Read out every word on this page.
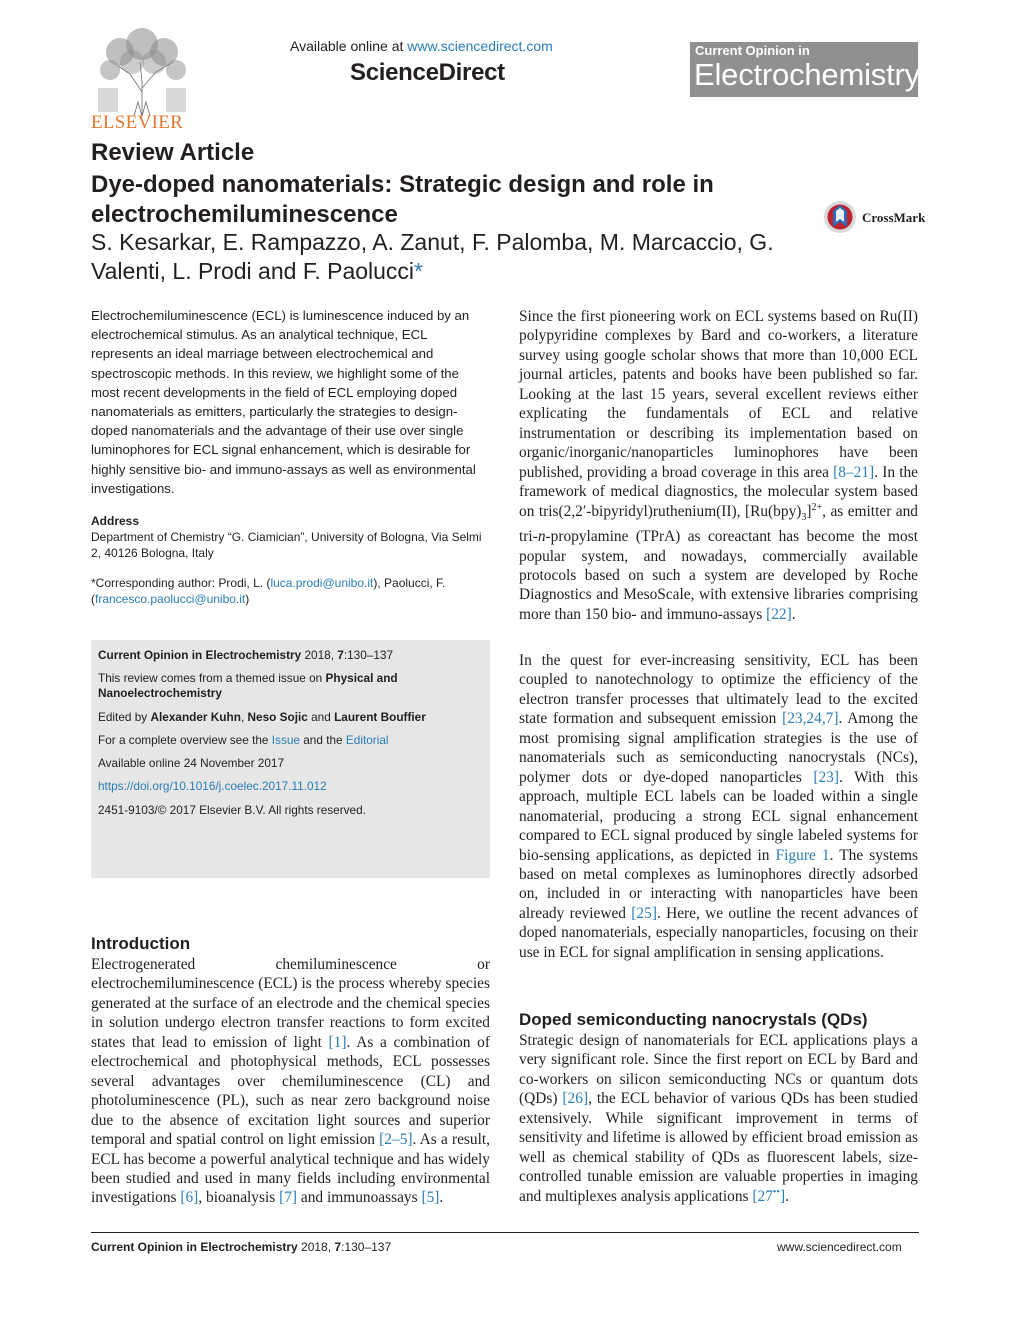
ELSEVIER
Available online at www.sciencedirect.com
ScienceDirect
Current Opinion in
Electrochemistry
Review Article
Dye-doped nanomaterials: Strategic design and role in electrochemiluminescence	CrossMark
S. Kesarkar, E. Rampazzo, A. Zanut, F. Palomba, M. Marcaccio, G. Valenti, L. Prodi and F. Paolucci*
Electrochemiluminescence (ECL) is luminescence induced by an electrochemical stimulus. As an analytical technique, ECL represents an ideal marriage between electrochemical and spectroscopic methods. In this review, we highlight some of the most recent developments in the field of ECL employing doped nanomaterials as emitters, particularly the strategies to design-doped nanomaterials and the advantage of their use over single luminophores for ECL signal enhancement, which is desirable for highly sensitive bio- and immuno-assays as well as environmental investigations.
Address
Department of Chemistry “G. Ciamician”, University of Bologna, Via Selmi 2, 40126 Bologna, Italy
*Corresponding author: Prodi, L. (luca.prodi@unibo.it), Paolucci, F. (francesco.paolucci@unibo.it)
Current Opinion in Electrochemistry 2018, 7:130–137
This review comes from a themed issue on Physical and Nanoelectrochemistry
Edited by Alexander Kuhn, Neso Sojic and Laurent Bouffier
For a complete overview see the Issue and the Editorial
Available online 24 November 2017
https://doi.org/10.1016/j.coelec.2017.11.012
2451-9103/© 2017 Elsevier B.V. All rights reserved.
Introduction
Electrogenerated chemiluminescence or electrochemiluminescence (ECL) is the process whereby species generated at the surface of an electrode and the chemical species in solution undergo electron transfer reactions to form excited states that lead to emission of light [1]. As a combination of electrochemical and photophysical methods, ECL possesses several advantages over chemiluminescence (CL) and photoluminescence (PL), such as near zero background noise due to the absence of excitation light sources and superior temporal and spatial control on light emission [2–5]. As a result, ECL has become a powerful analytical technique and has widely been studied and used in many fields including environmental investigations [6], bioanalysis [7] and immunoassays [5].
Since the first pioneering work on ECL systems based on Ru(II) polypyridine complexes by Bard and co-workers, a literature survey using google scholar shows that more than 10,000 ECL journal articles, patents and books have been published so far. Looking at the last 15 years, several excellent reviews either explicating the fundamentals of ECL and relative instrumentation or describing its implementation based on organic/inorganic/nanoparticles luminophores have been published, providing a broad coverage in this area [8–21]. In the framework of medical diagnostics, the molecular system based on tris(2,2′-bipyridyl)ruthenium(II), $[Ru(bpy)_3]^{2+}$, as emitter and tri-n-propylamine (TPrA) as coreactant has become the most popular system, and nowadays, commercially available protocols based on such a system are developed by Roche Diagnostics and MesoScale, with extensive libraries comprising more than 150 bio- and immuno-assays [22].
In the quest for ever-increasing sensitivity, ECL has been coupled to nanotechnology to optimize the efficiency of the electron transfer processes that ultimately lead to the excited state formation and subsequent emission [23,24,7]. Among the most promising signal amplification strategies is the use of nanomaterials such as semiconducting nanocrystals (NCs), polymer dots or dye-doped nanoparticles [23]. With this approach, multiple ECL labels can be loaded within a single nanomaterial, producing a strong ECL signal enhancement compared to ECL signal produced by single labeled systems for bio-sensing applications, as depicted in Figure 1. The systems based on metal complexes as luminophores directly adsorbed on, included in or interacting with nanoparticles have been already reviewed [25]. Here, we outline the recent advances of doped nanomaterials, especially nanoparticles, focusing on their use in ECL for signal amplification in sensing applications.
Doped semiconducting nanocrystals (QDs)
Strategic design of nanomaterials for ECL applications plays a very significant role. Since the first report on ECL by Bard and co-workers on silicon semiconducting NCs or quantum dots (QDs) [26], the ECL behavior of various QDs has been studied extensively. While significant improvement in terms of sensitivity and lifetime is allowed by efficient broad emission as well as chemical stability of QDs as fluorescent labels, size-controlled tunable emission are valuable properties in imaging and multiplexes analysis applications [27••].
Current Opinion in Electrochemistry 2018, 7:130–137	www.sciencedirect.com
